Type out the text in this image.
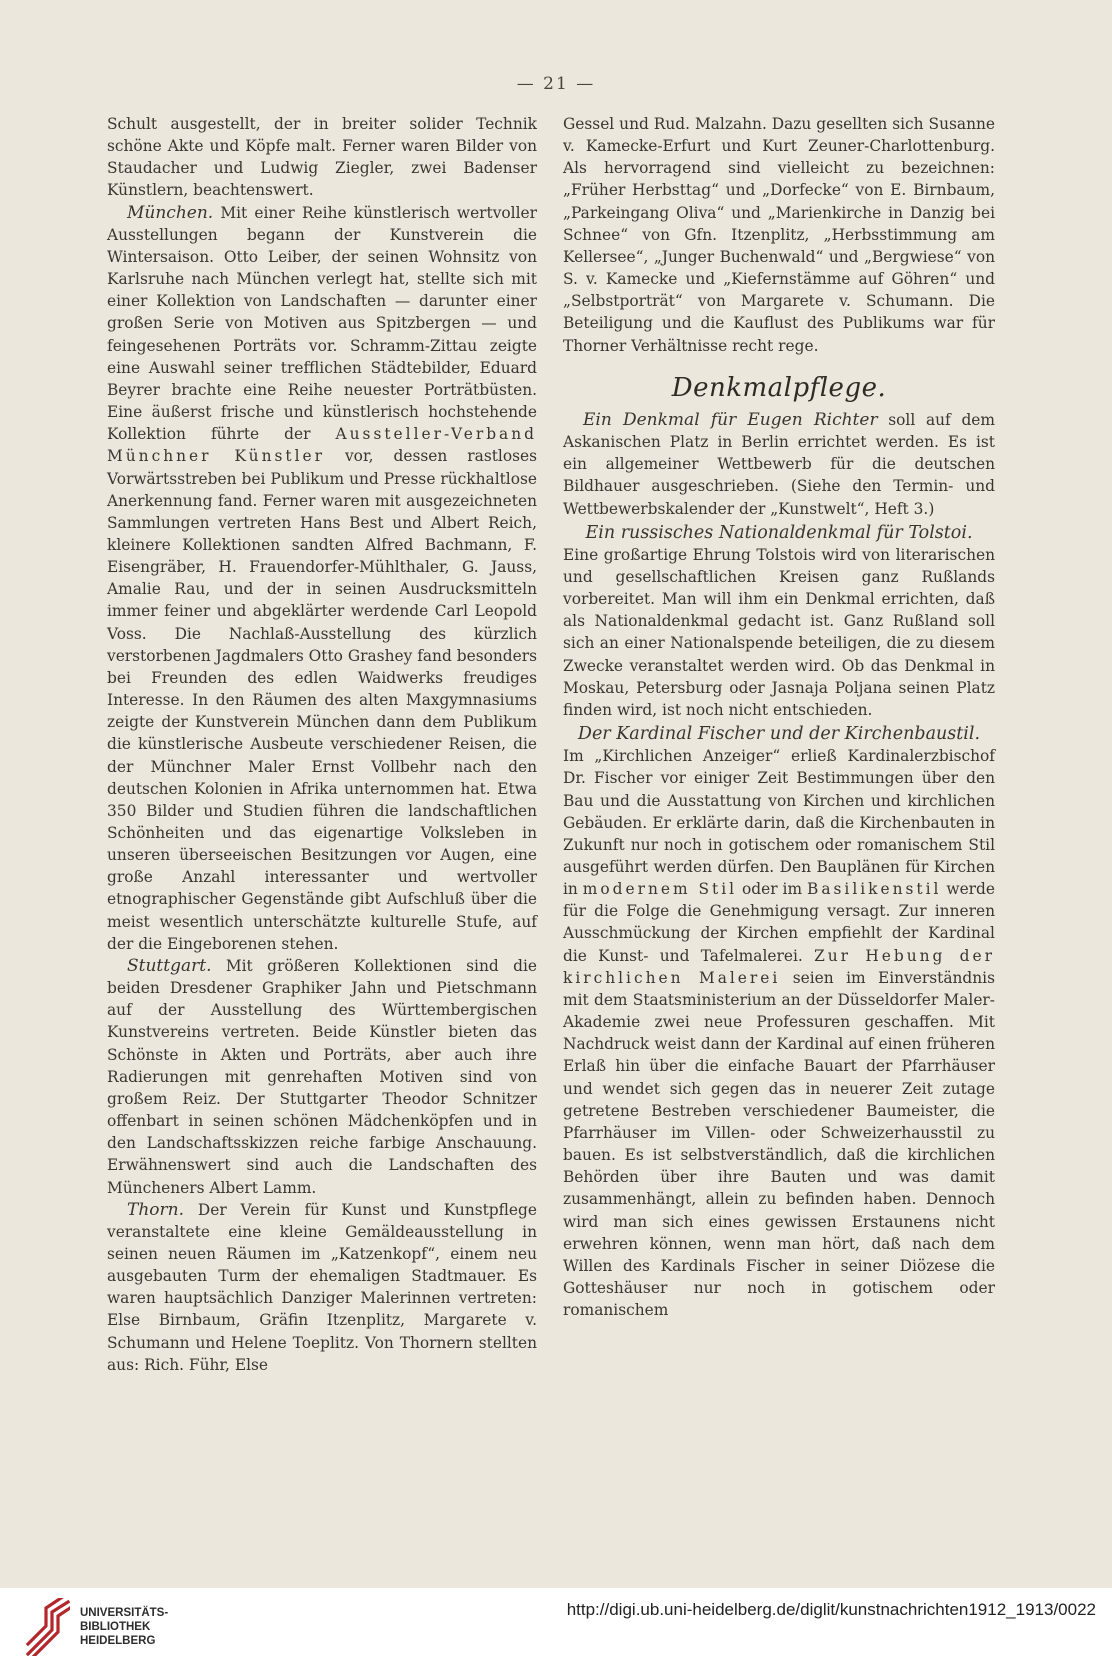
— 21 —

Schult ausgestellt, der in breiter solider Technik schöne Akte und Köpfe malt. Ferner waren Bilder von Staudacher und Ludwig Ziegler, zwei Badenser Künstlern, beachtenswert.

München. Mit einer Reihe künstlerisch wertvoller Ausstellungen begann der Kunstverein die Wintersaison. Otto Leiber, der seinen Wohnsitz von Karlsruhe nach München verlegt hat, stellte sich mit einer Kollektion von Landschaften — darunter einer großen Serie von Motiven aus Spitzbergen — und feingesehenen Porträts vor. Schramm-Zittau zeigte eine Auswahl seiner trefflichen Städtebilder, Eduard Beyrer brachte eine Reihe neuester Porträtbüsten. Eine äußerst frische und künstlerisch hochstehende Kollektion führte der Aussteller-Verband Münchner Künstler vor, dessen rastloses Vorwärtsstreben bei Publikum und Presse rückhaltlose Anerkennung fand. Ferner waren mit ausgezeichneten Sammlungen vertreten Hans Best und Albert Reich, kleinere Kollektionen sandten Alfred Bachmann, F. Eisengräber, H. Frauendorfer-Mühlthaler, G. Jauss, Amalie Rau, und der in seinen Ausdrucksmitteln immer feiner und abgeklärter werdende Carl Leopold Voss. Die Nachlaß-Ausstellung des kürzlich verstorbenen Jagdmalers Otto Grashey fand besonders bei Freunden des edlen Waidwerks freudiges Interesse. In den Räumen des alten Maxgymnasiums zeigte der Kunstverein München dann dem Publikum die künstlerische Ausbeute verschiedener Reisen, die der Münchner Maler Ernst Vollbehr nach den deutschen Kolonien in Afrika unternommen hat. Etwa 350 Bilder und Studien führen die landschaftlichen Schönheiten und das eigenartige Volksleben in unseren überseeischen Besitzungen vor Augen, eine große Anzahl interessanter und wertvoller etnographischer Gegenstände gibt Aufschluß über die meist wesentlich unterschätzte kulturelle Stufe, auf der die Eingeborenen stehen.

Stuttgart. Mit größeren Kollektionen sind die beiden Dresdener Graphiker Jahn und Pietschmann auf der Ausstellung des Württembergischen Kunstvereins vertreten. Beide Künstler bieten das Schönste in Akten und Porträts, aber auch ihre Radierungen mit genrehaften Motiven sind von großem Reiz. Der Stuttgarter Theodor Schnitzer offenbart in seinen schönen Mädchenköpfen und in den Landschaftsskizzen reiche farbige Anschauung. Erwähnenswert sind auch die Landschaften des Müncheners Albert Lamm.

Thorn. Der Verein für Kunst und Kunstpflege veranstaltete eine kleine Gemäldeausstellung in seinen neuen Räumen im „Katzenkopf“, einem neu ausgebauten Turm der ehemaligen Stadtmauer. Es waren hauptsächlich Danziger Malerinnen vertreten: Else Birnbaum, Gräfin Itzenplitz, Margarete v. Schumann und Helene Toeplitz. Von Thornern stellten aus: Rich. Führ, Else

Gessel und Rud. Malzahn. Dazu gesellten sich Susanne v. Kamecke-Erfurt und Kurt Zeuner-Charlottenburg. Als hervorragend sind vielleicht zu bezeichnen: „Früher Herbsttag“ und „Dorfecke“ von E. Birnbaum, „Parkeingang Oliva“ und „Marienkirche in Danzig bei Schnee“ von Gfn. Itzenplitz, „Herbsstimmung am Kellersee“, „Junger Buchenwald“ und „Bergwiese“ von S. v. Kamecke und „Kiefernstämme auf Göhren“ und „Selbstporträt“ von Margarete v. Schumann. Die Beteiligung und die Kauflust des Publikums war für Thorner Verhältnisse recht rege.

Denkmalpflege.

Ein Denkmal für Eugen Richter soll auf dem Askanischen Platz in Berlin errichtet werden. Es ist ein allgemeiner Wettbewerb für die deutschen Bildhauer ausgeschrieben. (Siehe den Termin- und Wettbewerbskalender der „Kunstwelt“, Heft 3.)

Ein russisches Nationaldenkmal für Tolstoi.

Eine großartige Ehrung Tolstois wird von literarischen und gesellschaftlichen Kreisen ganz Rußlands vorbereitet. Man will ihm ein Denkmal errichten, daß als Nationaldenkmal gedacht ist. Ganz Rußland soll sich an einer Nationalspende beteiligen, die zu diesem Zwecke veranstaltet werden wird. Ob das Denkmal in Moskau, Petersburg oder Jasnaja Poljana seinen Platz finden wird, ist noch nicht entschieden.

Der Kardinal Fischer und der Kirchenbaustil.

Im „Kirchlichen Anzeiger“ erließ Kardinalerzbischof Dr. Fischer vor einiger Zeit Bestimmungen über den Bau und die Ausstattung von Kirchen und kirchlichen Gebäuden. Er erklärte darin, daß die Kirchenbauten in Zukunft nur noch in gotischem oder romanischem Stil ausgeführt werden dürfen. Den Bauplänen für Kirchen in modernem Stil oder im Basilikenstil werde für die Folge die Genehmigung versagt. Zur inneren Ausschmückung der Kirchen empfiehlt der Kardinal die Kunst- und Tafelmalerei. Zur Hebung der kirchlichen Malerei seien im Einverständnis mit dem Staatsministerium an der Düsseldorfer Maler-Akademie zwei neue Professuren geschaffen. Mit Nachdruck weist dann der Kardinal auf einen früheren Erlaß hin über die einfache Bauart der Pfarrhäuser und wendet sich gegen das in neuerer Zeit zutage getretene Bestreben verschiedener Baumeister, die Pfarrhäuser im Villen- oder Schweizerhausstil zu bauen. Es ist selbstverständlich, daß die kirchlichen Behörden über ihre Bauten und was damit zusammenhängt, allein zu befinden haben. Dennoch wird man sich eines gewissen Erstaunens nicht erwehren können, wenn man hört, daß nach dem Willen des Kardinals Fischer in seiner Diözese die Gotteshäuser nur noch in gotischem oder romanischem

UNIVERSITÄTS-
BIBLIOTHEK
HEIDELBERG
http://digi.ub.uni-heidelberg.de/diglit/kunstnachrichten1912_1913/0022
